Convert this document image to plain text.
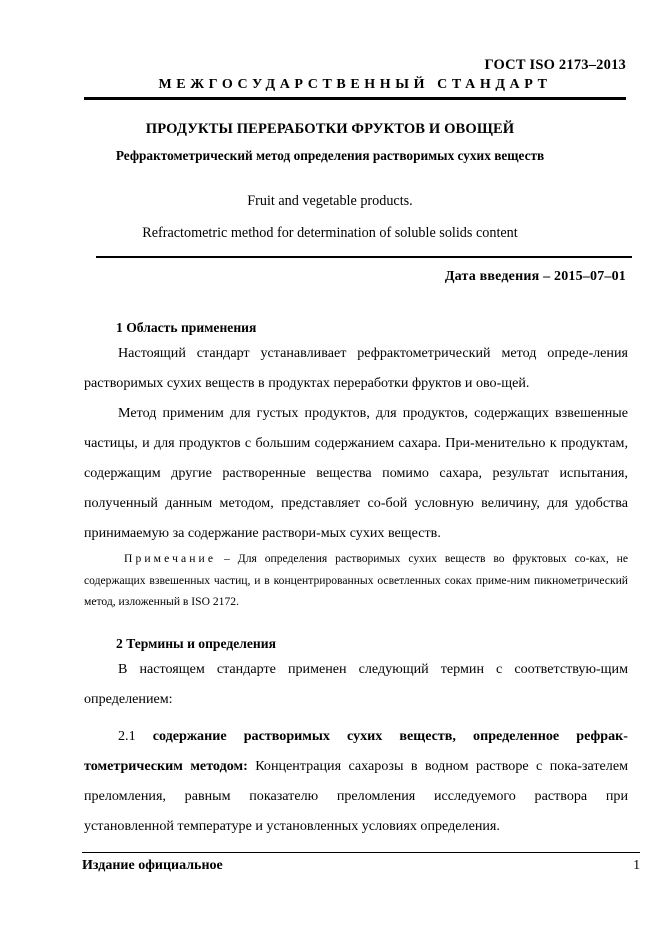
ГОСТ ISO 2173–2013
МЕЖГОСУДАРСТВЕННЫЙ СТАНДАРТ
ПРОДУКТЫ ПЕРЕРАБОТКИ ФРУКТОВ И ОВОЩЕЙ
Рефрактометрический метод определения растворимых сухих веществ
Fruit and vegetable products.
Refractometric method for determination of soluble solids content
Дата введения – 2015–07–01
1 Область применения

Настоящий стандарт устанавливает рефрактометрический метод опреде-ления растворимых сухих веществ в продуктах переработки фруктов и ово-щей.

Метод применим для густых продуктов, для продуктов, содержащих взвешенные частицы, и для продуктов с большим содержанием сахара. При-менительно к продуктам, содержащим другие растворенные вещества помимо сахара, результат испытания, полученный данным методом, представляет со-бой условную величину, для удобства принимаемую за содержание раствори-мых сухих веществ.

Примечание – Для определения растворимых сухих веществ во фруктовых со-ках, не содержащих взвешенных частиц, и в концентрированных осветленных соках приме-ним пикнометрический метод, изложенный в ISO 2172.

2 Термины и определения

В настоящем стандарте применен следующий термин с соответствую-щим определением:

2.1 содержание растворимых сухих веществ, определенное рефрак-тометрическим методом: Концентрация сахарозы в водном растворе с пока-зателем преломления, равным показателю преломления исследуемого раствора при установленной температуре и установленных условиях определения.

Издание официальное	1
